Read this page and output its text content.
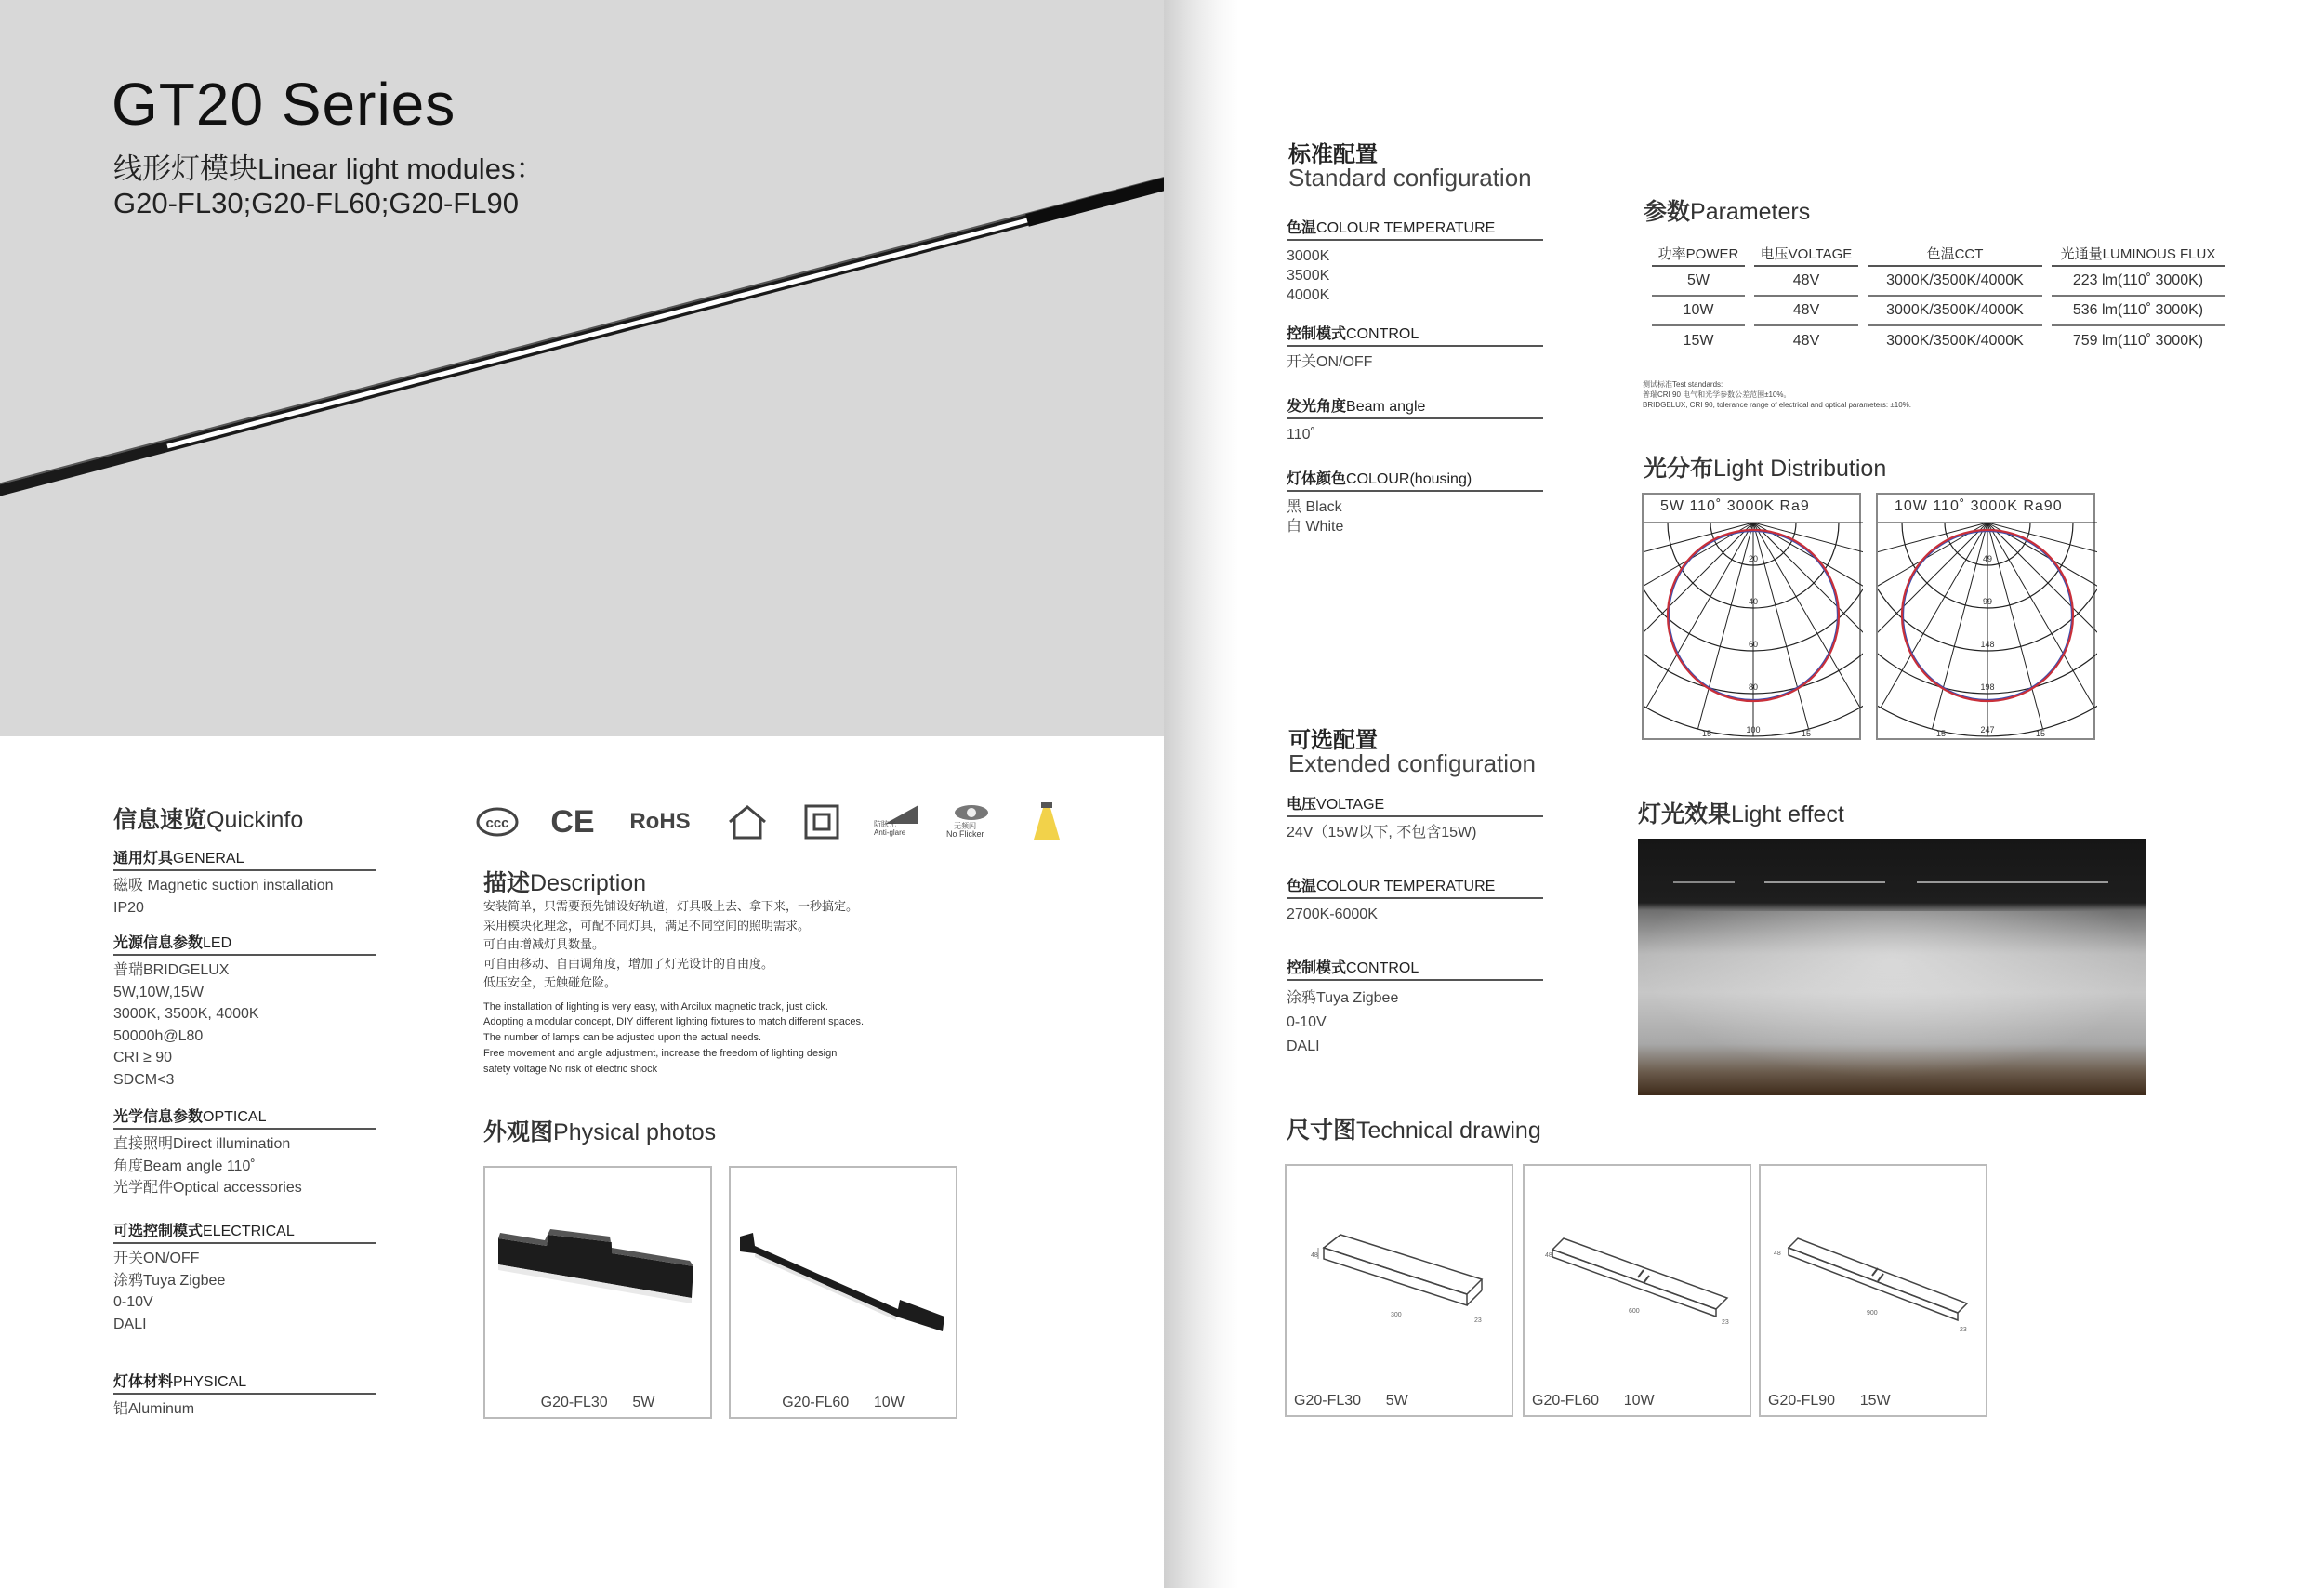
GT20 Series
线形灯模块Linear light modules：
G20-FL30;G20-FL60;G20-FL90
信息速览Quickinfo
通用灯具GENERAL
磁吸 Magnetic suction installation
IP20
光源信息参数LED
普瑞BRIDGELUX
5W,10W,15W
3000K, 3500K, 4000K
50000h@L80
CRI ≥ 90
SDCM<3
光学信息参数OPTICAL
直接照明Direct illumination
角度Beam angle 110˚
光学配件Optical accessories
可选控制模式ELECTRICAL
开关ON/OFF
涂鸦Tuya Zigbee
0-10V
DALI
灯体材料PHYSICAL
铝Aluminum
ccc CE	RoHS	防眩光
Anti-glare
无频闪
No Flicker
描述Description
安装简单，只需要预先铺设好轨道，灯具吸上去、拿下来，一秒搞定。
采用模块化理念，可配不同灯具，满足不同空间的照明需求。
可自由增减灯具数量。
可自由移动、自由调角度，增加了灯光设计的自由度。
低压安全，无触碰危险。
The installation of lighting is very easy, with Arcilux magnetic track, just click.
Adopting a modular concept, DIY different lighting fixtures to match different spaces.
The number of lamps can be adjusted upon the actual needs.
Free movement and angle adjustment, increase the freedom of lighting design
safety voltage,No risk of electric shock
外观图Physical photos
G20-FL30      5W	G20-FL60      10W
标准配置
Standard configuration
色温COLOUR TEMPERATURE
3000K
3500K
4000K
控制模式CONTROL
开关ON/OFF
发光角度Beam angle
110˚
灯体颜色COLOUR(housing)
黑 Black
白 White
参数Parameters
功率POWER	电压VOLTAGE	色温CCT	光通量LUMINOUS FLUX
5W	48V	3000K/3500K/4000K	223 lm(110˚ 3000K)
10W	48V	3000K/3500K/4000K	536 lm(110˚ 3000K)
15W	48V	3000K/3500K/4000K	759 lm(110˚ 3000K)
测试标准Test standards:
普瑞CRI 90 电气和光学参数公差范围±10%。
BRIDGELUX, CRI 90, tolerance range of electrical and optical parameters: ±10%.
光分布Light Distribution
5W 110˚ 3000K Ra9
20
40
60
80
100
-15	15
10W 110˚ 3000K Ra90
49
99
148
198
247
-15	15
可选配置
Extended configuration
电压VOLTAGE
24V（15W以下, 不包含15W)
色温COLOUR TEMPERATURE
2700K-6000K
控制模式CONTROL
涂鸦Tuya Zigbee
0-10V
DALI
灯光效果Light effect
尺寸图Technical drawing
48
300
23
G20-FL30      5W
48
600
23
G20-FL60      10W
48
900
23
G20-FL90      15W
